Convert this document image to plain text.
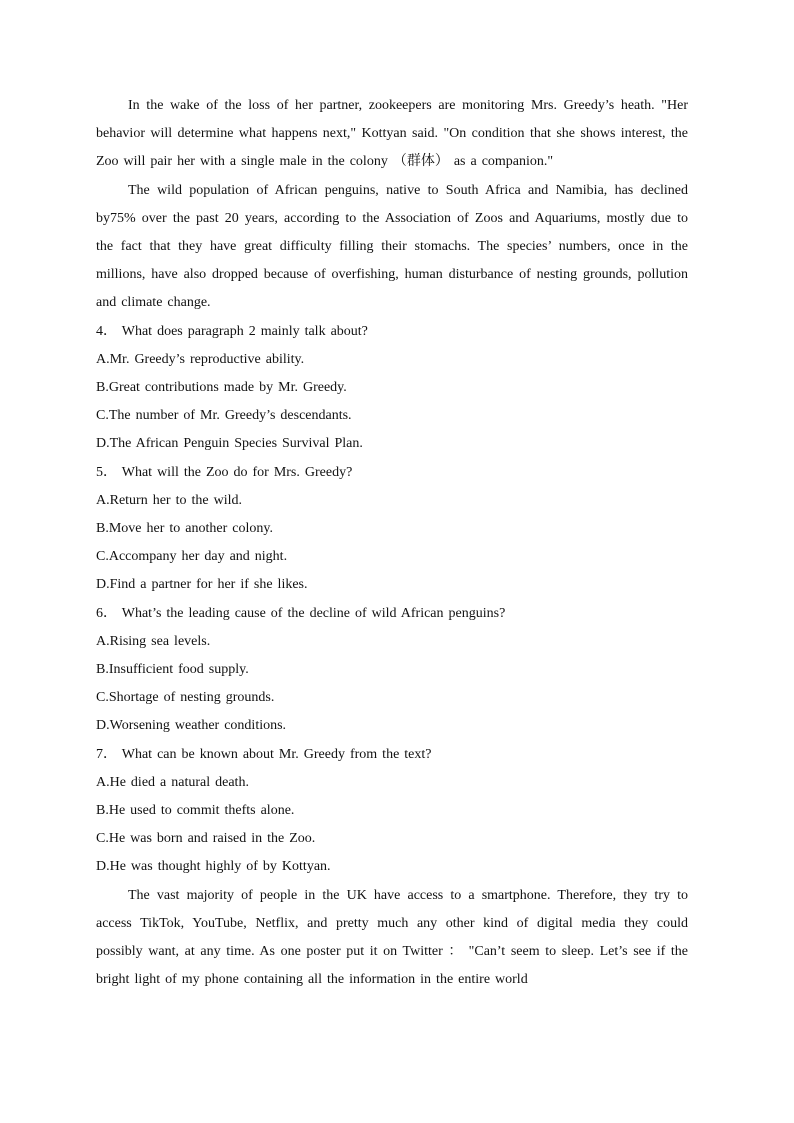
In the wake of the loss of her partner, zookeepers are monitoring Mrs. Greedy’s heath. "Her behavior will determine what happens next," Kottyan said. "On condition that she shows interest, the Zoo will pair her with a single male in the colony （群体） as a companion."

The wild population of African penguins, native to South Africa and Namibia, has declined by75% over the past 20 years, according to the Association of Zoos and Aquariums, mostly due to the fact that they have great difficulty filling their stomachs. The species’ numbers, once in the millions, have also dropped because of overfishing, human disturbance of nesting grounds, pollution and climate change.

4． What does paragraph 2 mainly talk about?

A.Mr. Greedy’s reproductive ability.

B.Great contributions made by Mr. Greedy.

C.The number of Mr. Greedy’s descendants.

D.The African Penguin Species Survival Plan.

5． What will the Zoo do for Mrs. Greedy?

A.Return her to the wild.

B.Move her to another colony.

C.Accompany her day and night.

D.Find a partner for her if she likes.

6． What’s the leading cause of the decline of wild African penguins?

A.Rising sea levels.

B.Insufficient food supply.

C.Shortage of nesting grounds.

D.Worsening weather conditions.

7． What can be known about Mr. Greedy from the text?

A.He died a natural death.

B.He used to commit thefts alone.

C.He was born and raised in the Zoo.

D.He was thought highly of by Kottyan.

The vast majority of people in the UK have access to a smartphone. Therefore, they try to access TikTok, YouTube, Netflix, and pretty much any other kind of digital media they could possibly want, at any time. As one poster put it on Twitter ： "Can’t seem to sleep. Let’s see if the bright light of my phone containing all the information in the entire world
